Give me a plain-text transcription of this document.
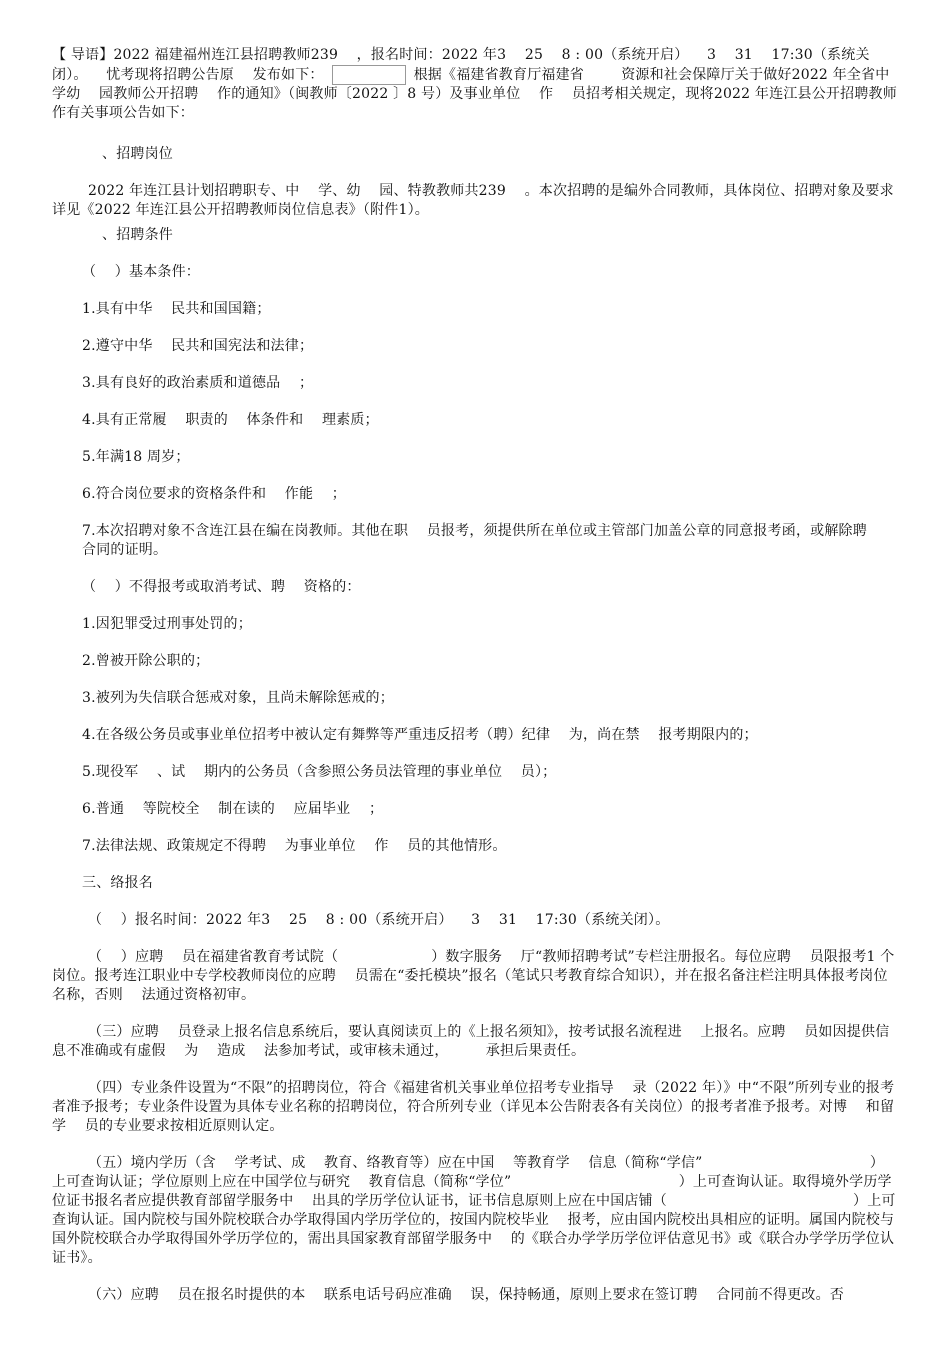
【 导语】2022 福建福州连江县招聘教师239    ，报名时间：2022 年3    25    8 : 00（系统开启）    3    31    17:30（系统关闭）。    忧考现将招聘公告原    发布如下：	根据《福建省教育厅福建省        资源和社会保障厅关于做好2022 年全省中    学幼    园教师公开招聘    作的通知》（闽教师〔2022 〕8 号）及事业单位    作    员招考相关规定，现将2022 年连江县公开招聘教师    作有关事项公告如下：

、招聘岗位

2022 年连江县计划招聘职专、中    学、幼    园、特教教师共239    。本次招聘的是编外合同教师，具体岗位、招聘对象及要求详见《2022 年连江县公开招聘教师岗位信息表》（附件1）。

、招聘条件

（    ）基本条件：

1.具有中华    民共和国国籍；

2.遵守中华    民共和国宪法和法律；

3.具有良好的政治素质和道德品    ；

4.具有正常履    职责的    体条件和    理素质；

5.年满18 周岁；

6.符合岗位要求的资格条件和    作能    ；

7.本次招聘对象不含连江县在编在岗教师。其他在职    员报考，须提供所在单位或主管部门加盖公章的同意报考函，或解除聘    合同的证明。

（    ）不得报考或取消考试、聘    资格的：

1.因犯罪受过刑事处罚的；

2.曾被开除公职的；

3.被列为失信联合惩戒对象，且尚未解除惩戒的；

4.在各级公务员或事业单位招考中被认定有舞弊等严重违反招考（聘）纪律    为，尚在禁    报考期限内的；

5.现役军    、试    期内的公务员（含参照公务员法管理的事业单位    员）；

6.普通    等院校全    制在读的    应届毕业    ；

7.法律法规、政策规定不得聘    为事业单位    作    员的其他情形。

三、络报名

（    ）报名时间：2022 年3    25    8 : 00（系统开启）    3    31    17:30（系统关闭）。

（    ）应聘    员在福建省教育考试院（                    ）数字服务    厅“教师招聘考试”专栏注册报名。每位应聘    员限报考1 个岗位。报考连江职业中专学校教师岗位的应聘    员需在“委托模块”报名（笔试只考教育综合知识），并在报名备注栏注明具体报考岗位名称，否则    法通过资格初审。

（三）应聘    员登录上报名信息系统后，要认真阅读页上的《上报名须知》，按考试报名流程进    上报名。应聘    员如因提供信息不准确或有虚假    为    造成    法参加考试，或审核未通过，        承担后果责任。

（四）专业条件设置为“不限”的招聘岗位，符合《福建省机关事业单位招考专业指导    录（2022 年）》中“不限”所列专业的报考者准予报考；专业条件设置为具体专业名称的招聘岗位，符合所列专业（详见本公告附表各有关岗位）的报考者准予报考。对博    和留学    员的专业要求按相近原则认定。

（五）境内学历（含    学考试、成    教育、络教育等）应在中国    等教育学    信息（简称“学信”                                    ）上可查询认证；学位原则上应在中国学位与研究    教育信息（简称“学位”                                    ）上可查询认证。取得境外学历学位证书报名者应提供教育部留学服务中    出具的学历学位认证书，证书信息原则上应在中国店铺（                                        ）上可查询认证。国内院校与国外院校联合办学取得国内学历学位的，按国内院校毕业    报考，应由国内院校出具相应的证明。属国内院校与国外院校联合办学取得国外学历学位的，需出具国家教育部留学服务中    的《联合办学学历学位评估意见书》或《联合办学学历学位认证书》。

（六）应聘    员在报名时提供的本    联系电话号码应准确    误，保持畅通，原则上要求在签订聘    合同前不得更改。否
